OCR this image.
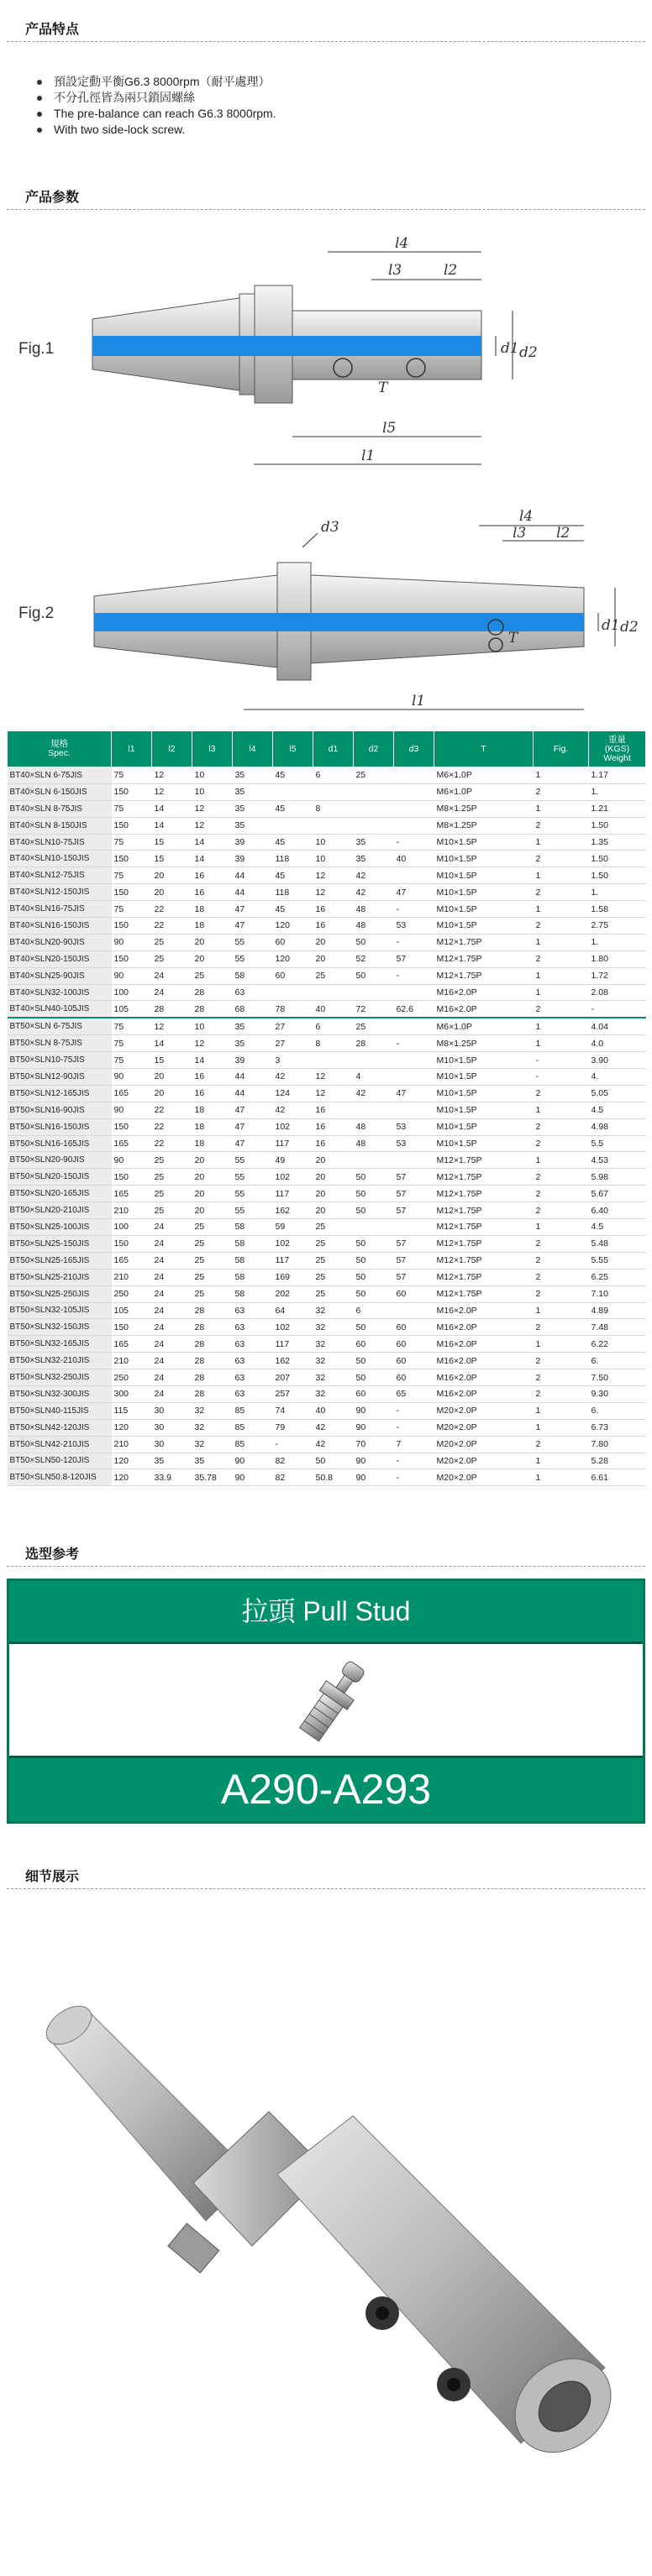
产品特点
預設定動平衡G6.3 8000rpm（耐平處理）
不分孔徑皆為兩只鎖固螺絲
The pre-balance can reach G6.3 8000rpm.
With two side-lock screw.
产品参数
Fig.1
l4
l3	l2
l5
l1
d1 d2
T
Fig.2
l4
l3 l2
l1
d3
d1 d2
T
規格
Spec.	l1	l2	l3	l4	l5	d1	d2	d3	T	Fig.	重量
(KGS)
Weight
BT40×SLN 6-75JIS	75	12	10	35	45	6	25		M6×1.0P	1	1.17
BT40×SLN 6-150JIS	150	12	10	35					M6×1.0P	2	1.
BT40×SLN 8-75JIS	75	14	12	35	45	8			M8×1.25P	1	1.21
BT40×SLN 8-150JIS	150	14	12	35					M8×1.25P	2	1.50
BT40×SLN10-75JIS	75	15	14	39	45	10	35	-	M10×1.5P	1	1.35
BT40×SLN10-150JIS	150	15	14	39	118	10	35	40	M10×1.5P	2	1.50
BT40×SLN12-75JIS	75	20	16	44	45	12	42		M10×1.5P	1	1.50
BT40×SLN12-150JIS	150	20	16	44	118	12	42	47	M10×1.5P	2	1.
BT40×SLN16-75JIS	75	22	18	47	45	16	48	-	M10×1.5P	1	1.58
BT40×SLN16-150JIS	150	22	18	47	120	16	48	53	M10×1.5P	2	2.75
BT40×SLN20-90JIS	90	25	20	55	60	20	50	-	M12×1.75P	1	1.
BT40×SLN20-150JIS	150	25	20	55	120	20	52	57	M12×1.75P	2	1.80
BT40×SLN25-90JIS	90	24	25	58	60	25	50	-	M12×1.75P	1	1.72
BT40×SLN32-100JIS	100	24	28	63					M16×2.0P	1	2.08
BT40×SLN40-105JIS	105	28	28	68	78	40	72	62.6	M16×2.0P	2	-
BT50×SLN 6-75JIS	75	12	10	35	27	6	25		M6×1.0P	1	4.04
BT50×SLN 8-75JIS	75	14	12	35	27	8	28	-	M8×1.25P	1	4.0
BT50×SLN10-75JIS	75	15	14	39	3				M10×1.5P	-	3.90
BT50×SLN12-90JIS	90	20	16	44	42	12	4		M10×1.5P	-	4.
BT50×SLN12-165JIS	165	20	16	44	124	12	42	47	M10×1.5P	2	5.05
BT50×SLN16-90JIS	90	22	18	47	42	16			M10×1.5P	1	4.5
BT50×SLN16-150JIS	150	22	18	47	102	16	48	53	M10×1.5P	2	4.98
BT50×SLN16-165JIS	165	22	18	47	117	16	48	53	M10×1.5P	2	5.5
BT50×SLN20-90JIS	90	25	20	55	49	20			M12×1.75P	1	4.53
BT50×SLN20-150JIS	150	25	20	55	102	20	50	57	M12×1.75P	2	5.98
BT50×SLN20-165JIS	165	25	20	55	117	20	50	57	M12×1.75P	2	5.67
BT50×SLN20-210JIS	210	25	20	55	162	20	50	57	M12×1.75P	2	6.40
BT50×SLN25-100JIS	100	24	25	58	59	25			M12×1.75P	1	4.5
BT50×SLN25-150JIS	150	24	25	58	102	25	50	57	M12×1.75P	2	5.48
BT50×SLN25-165JIS	165	24	25	58	117	25	50	57	M12×1.75P	2	5.55
BT50×SLN25-210JIS	210	24	25	58	169	25	50	57	M12×1.75P	2	6.25
BT50×SLN25-250JIS	250	24	25	58	202	25	50	60	M12×1.75P	2	7.10
BT50×SLN32-105JIS	105	24	28	63	64	32	6		M16×2.0P	1	4.89
BT50×SLN32-150JIS	150	24	28	63	102	32	50	60	M16×2.0P	2	7.48
BT50×SLN32-165JIS	165	24	28	63	117	32	60	60	M16×2.0P	1	6.22
BT50×SLN32-210JIS	210	24	28	63	162	32	50	60	M16×2.0P	2	6.
BT50×SLN32-250JIS	250	24	28	63	207	32	50	60	M16×2.0P	2	7.50
BT50×SLN32-300JIS	300	24	28	63	257	32	60	65	M16×2.0P	2	9.30
BT50×SLN40-115JIS	115	30	32	85	74	40	90	-	M20×2.0P	1	6.
BT50×SLN42-120JIS	120	30	32	85	79	42	90	-	M20×2.0P	1	6.73
BT50×SLN42-210JIS	210	30	32	85	-	42	70	7	M20×2.0P	2	7.80
BT50×SLN50-120JIS	120	35	35	90	82	50	90	-	M20×2.0P	1	5.28
BT50×SLN50.8-120JIS	120	33.9	35.78	90	82	50.8	90	-	M20×2.0P	1	6.61
选型参考
拉頭 Pull Stud
A290-A293
细节展示
